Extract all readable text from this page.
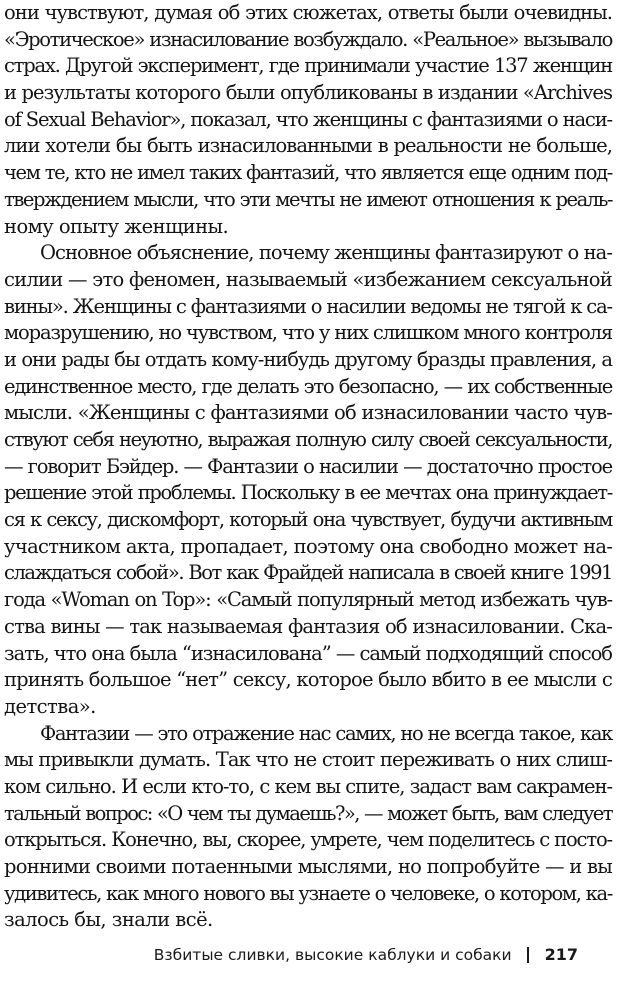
они чувствуют, думая об этих сюжетах, ответы были очевидны.
«Эротическое» изнасилование возбуждало. «Реальное» вызывало
страх. Другой эксперимент, где принимали участие 137 женщин
и результаты которого были опубликованы в издании «Archives
of Sexual Behavior», показал, что женщины с фантазиями о наси-
лии хотели бы быть изнасилованными в реальности не больше,
чем те, кто не имел таких фантазий, что является еще одним под-
тверждением мысли, что эти мечты не имеют отношения к реаль-
ному опыту женщины.
Основное объяснение, почему женщины фантазируют о на-
силии — это феномен, называемый «избежанием сексуальной
вины». Женщины с фантазиями о насилии ведомы не тягой к са-
моразрушению, но чувством, что у них слишком много контроля
и они рады бы отдать кому-нибудь другому бразды правления, а
единственное место, где делать это безопасно, — их собственные
мысли. «Женщины с фантазиями об изнасиловании часто чув-
ствуют себя неуютно, выражая полную силу своей сексуальности,
— говорит Бэйдер. — Фантазии о насилии — достаточно простое
решение этой проблемы. Поскольку в ее мечтах она принуждает-
ся к сексу, дискомфорт, который она чувствует, будучи активным
участником акта, пропадает, поэтому она свободно может на-
слаждаться собой». Вот как Фрайдей написала в своей книге 1991
года «Woman on Top»: «Самый популярный метод избежать чув-
ства вины — так называемая фантазия об изнасиловании. Ска-
зать, что она была “изнасилована” — самый подходящий способ
принять большое “нет” сексу, которое было вбито в ее мысли с
детства».
Фантазии — это отражение нас самих, но не всегда такое, как
мы привыкли думать. Так что не стоит переживать о них слиш-
ком сильно. И если кто-то, с кем вы спите, задаст вам сакрамен-
тальный вопрос: «О чем ты думаешь?», — может быть, вам следует
открыться. Конечно, вы, скорее, умрете, чем поделитесь с посто-
ронними своими потаенными мыслями, но попробуйте — и вы
удивитесь, как много нового вы узнаете о человеке, о котором, ка-
залось бы, знали всё.
Взбитые сливки, высокие каблуки и собаки 217
